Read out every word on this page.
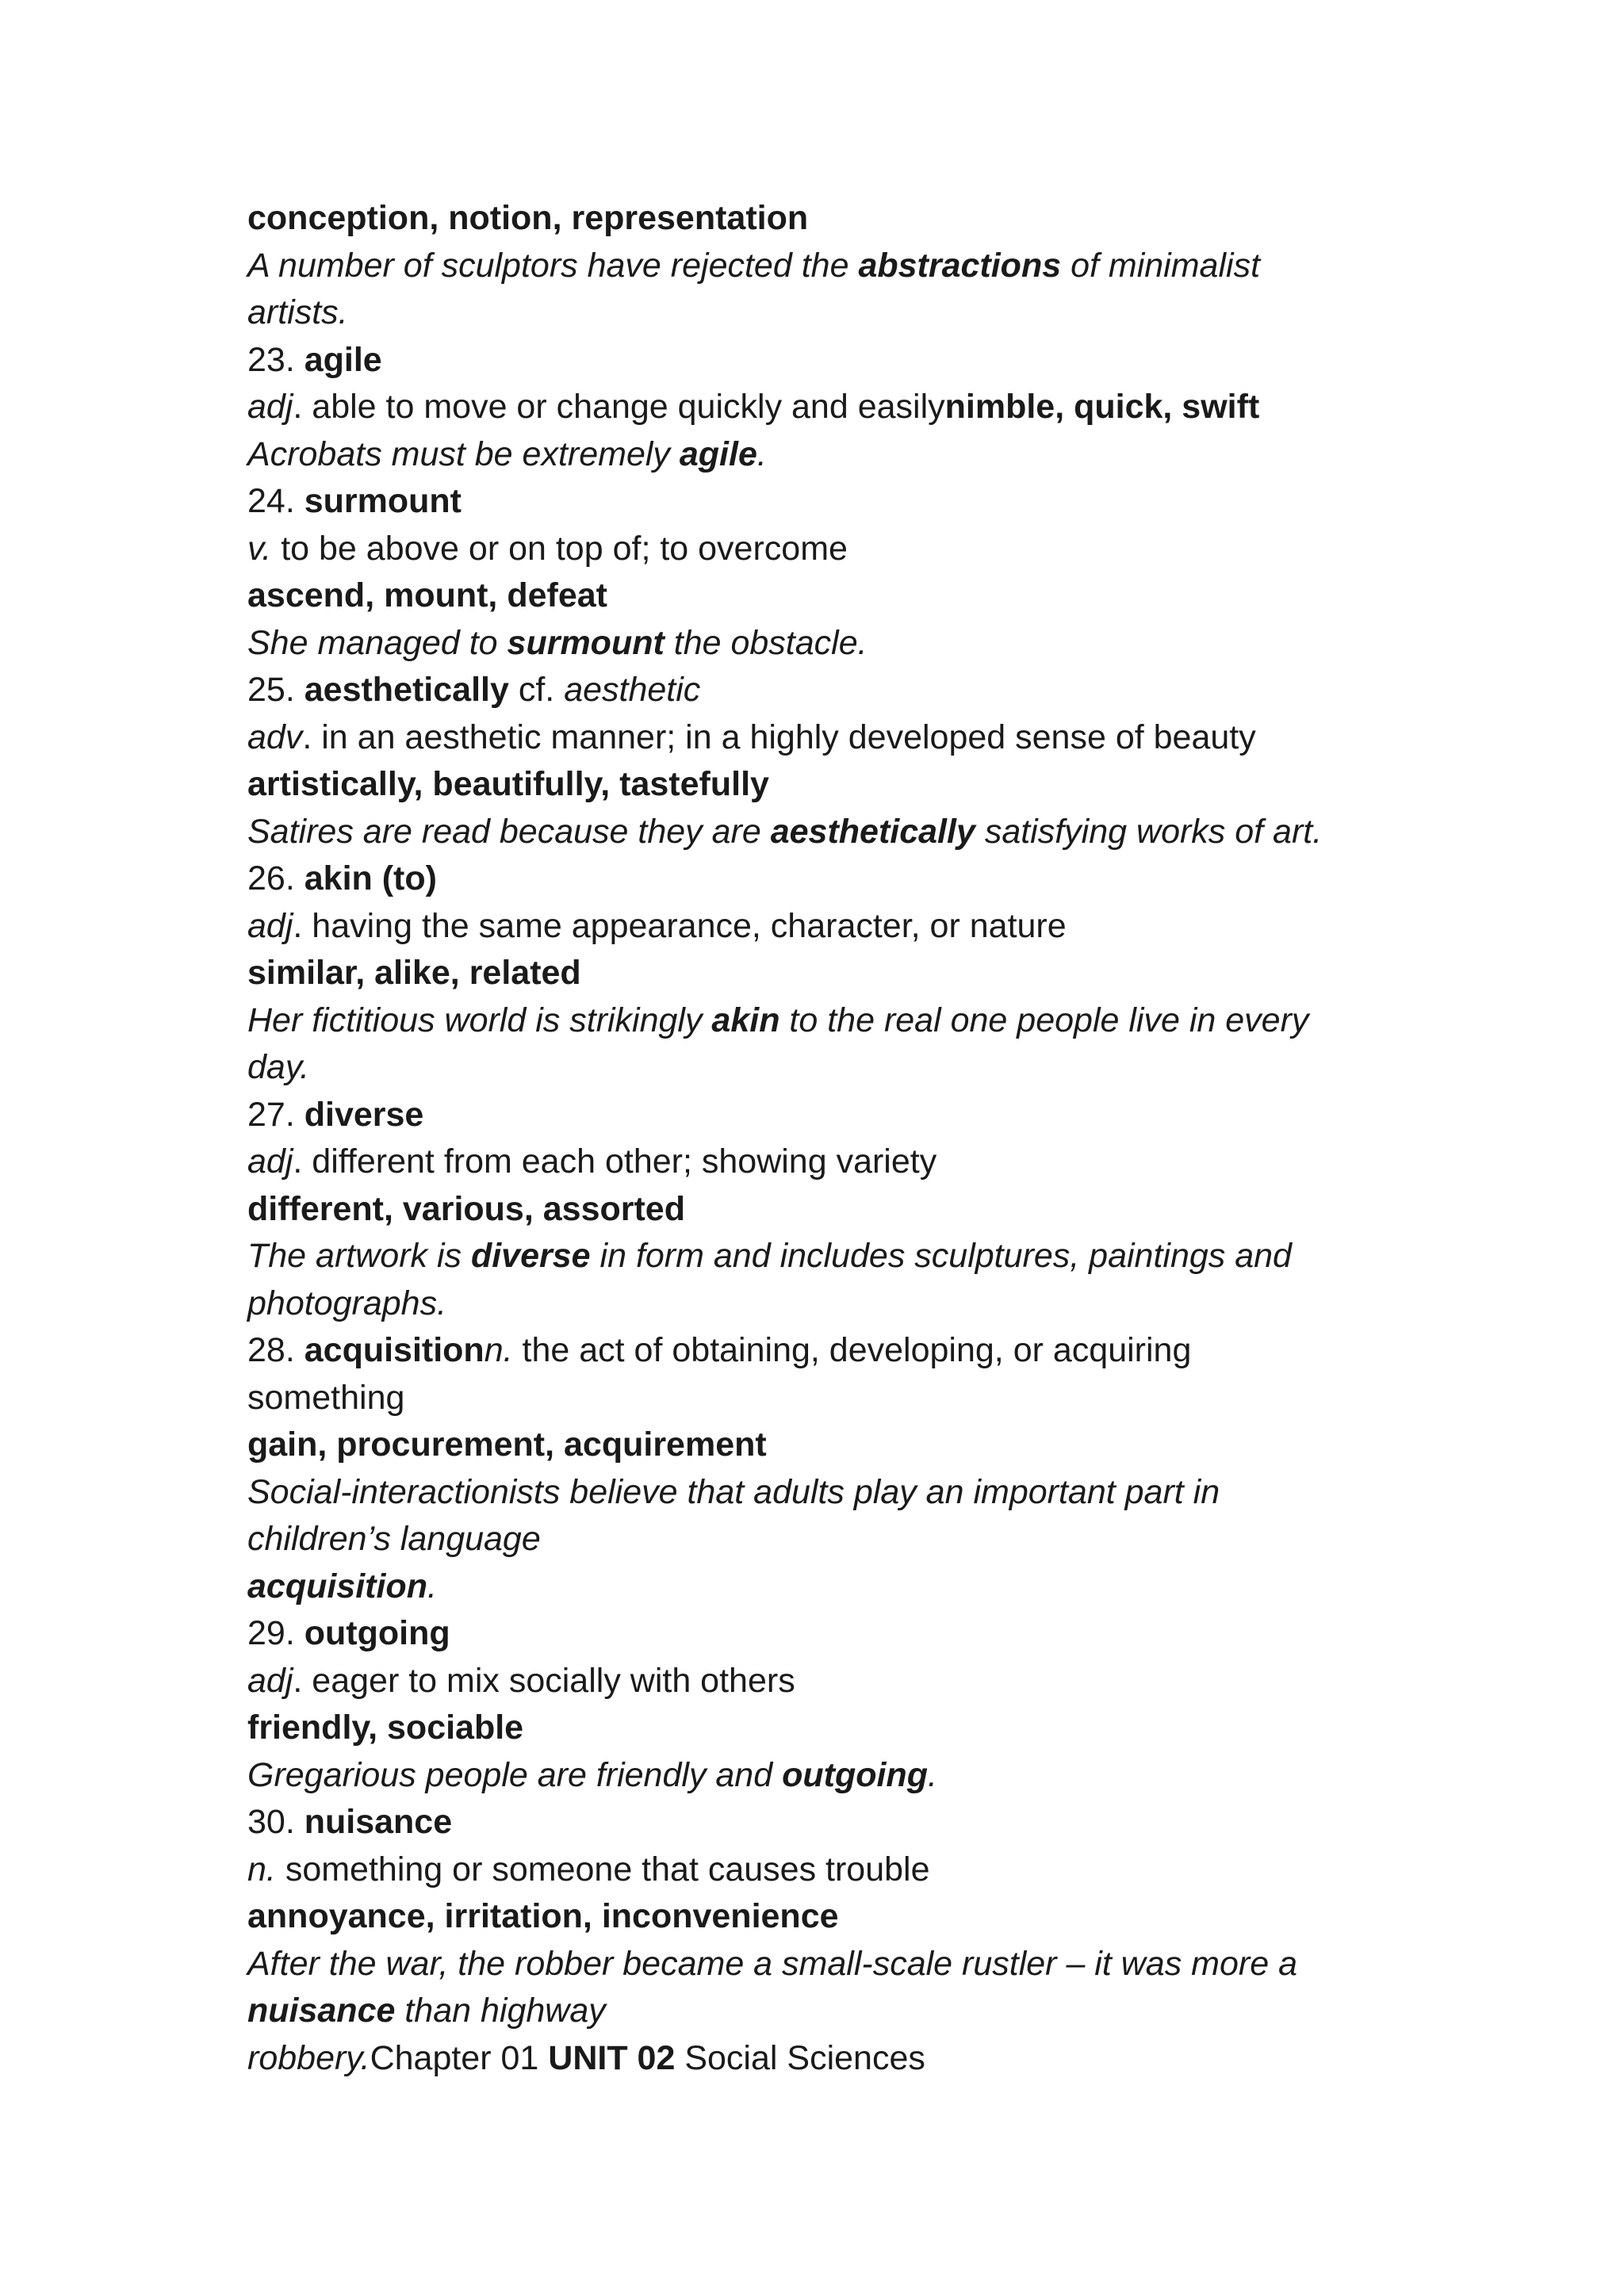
conception, notion, representation
A number of sculptors have rejected the abstractions of minimalist
artists.
23. agile
adj. able to move or change quickly and easilynimble, quick, swift
Acrobats must be extremely agile.
24. surmount
v. to be above or on top of; to overcome
ascend, mount, defeat
She managed to surmount the obstacle.
25. aesthetically cf. aesthetic
adv. in an aesthetic manner; in a highly developed sense of beauty
artistically, beautifully, tastefully
Satires are read because they are aesthetically satisfying works of art.
26. akin (to)
adj. having the same appearance, character, or nature
similar, alike, related
Her fictitious world is strikingly akin to the real one people live in every
day.
27. diverse
adj. different from each other; showing variety
different, various, assorted
The artwork is diverse in form and includes sculptures, paintings and
photographs.
28. acquisitionn. the act of obtaining, developing, or acquiring
something
gain, procurement, acquirement
Social-interactionists believe that adults play an important part in
children’s language
acquisition.
29. outgoing
adj. eager to mix socially with others
friendly, sociable
Gregarious people are friendly and outgoing.
30. nuisance
n. something or someone that causes trouble
annoyance, irritation, inconvenience
After the war, the robber became a small-scale rustler – it was more a
nuisance than highway
robbery.Chapter 01 UNIT 02 Social Sciences
